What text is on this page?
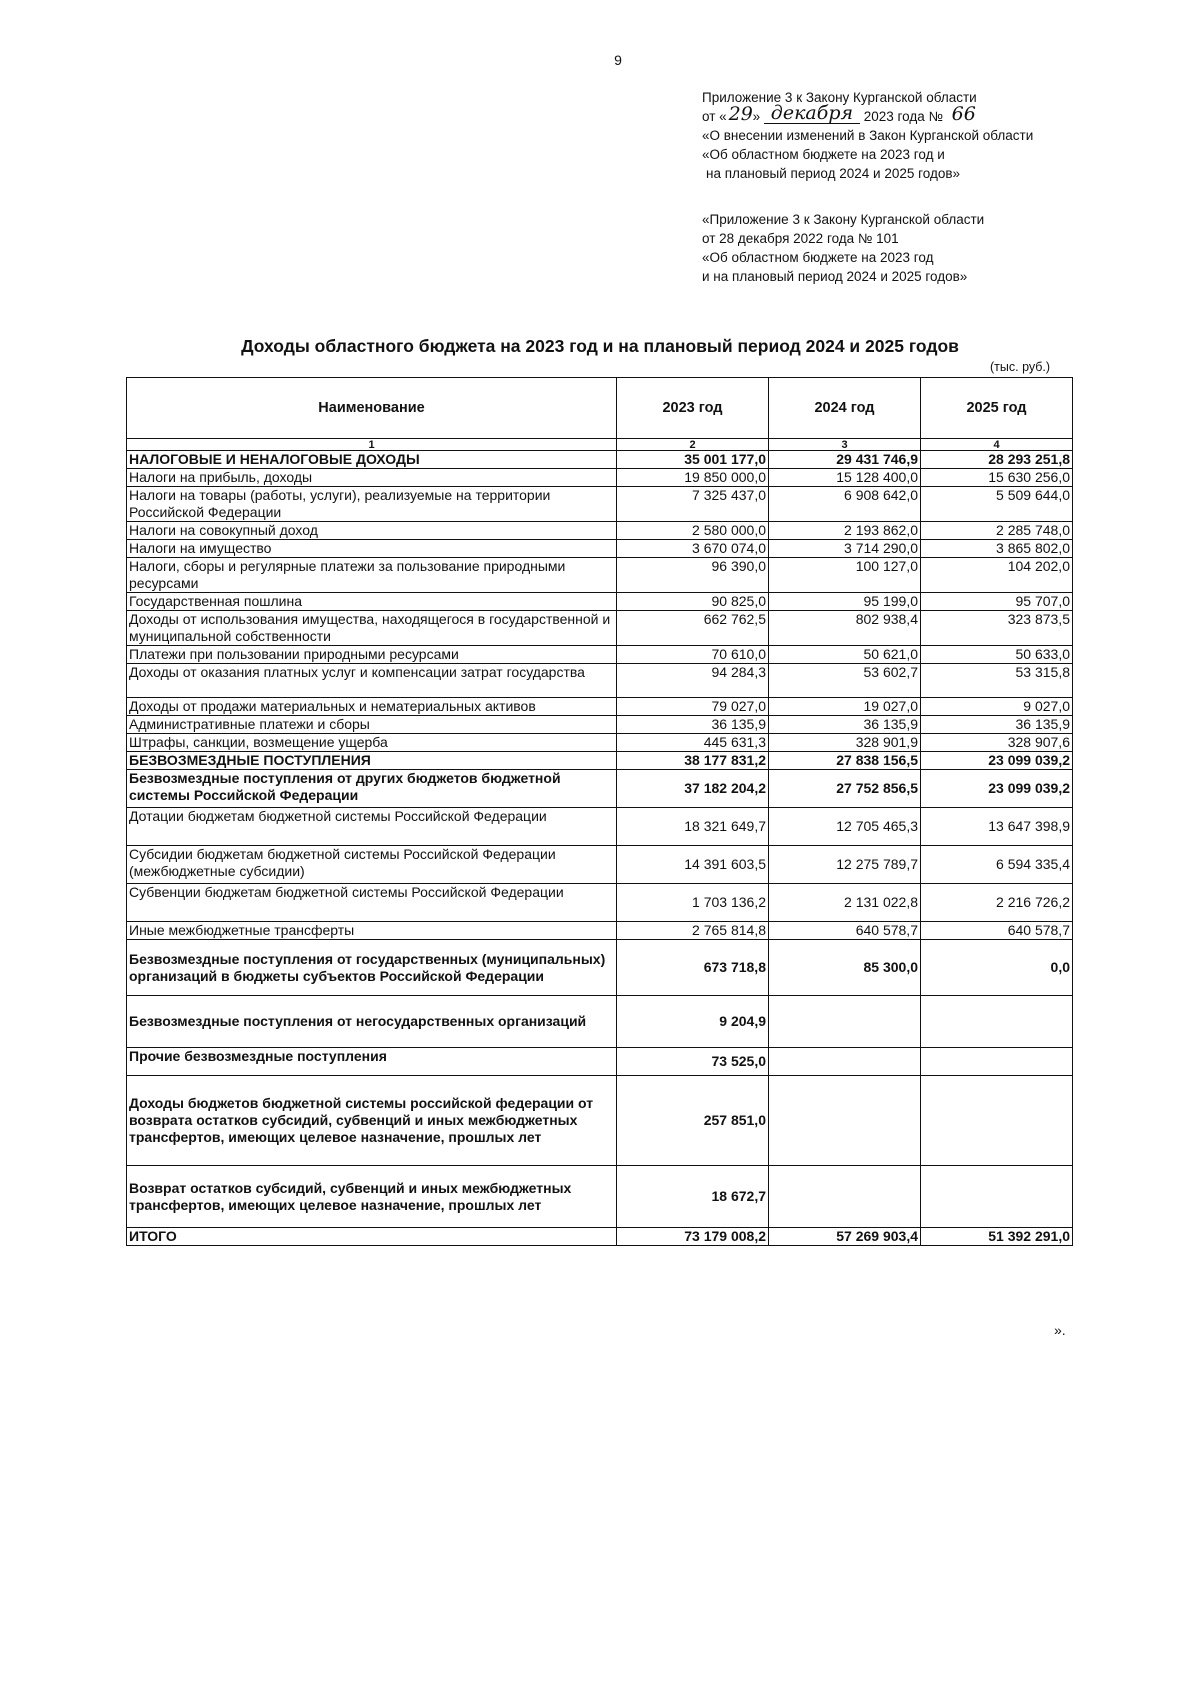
9
Приложение 3 к Закону Курганской области
от « 29» декабря 2023 года № 66
«О внесении изменений в Закон Курганской области
«Об областном бюджете на 2023 год и
на плановый период 2024 и 2025 годов»
«Приложение 3 к Закону Курганской области
от 28 декабря 2022 года № 101
«Об областном бюджете на 2023 год
и на плановый период 2024 и 2025 годов»
Доходы областного бюджета на 2023 год и на плановый период 2024 и 2025 годов
(тыс. руб.)
Наименование	2023 год	2024 год	2025 год
1	2	3	4
НАЛОГОВЫЕ И НЕНАЛОГОВЫЕ ДОХОДЫ	35 001 177,0	29 431 746,9	28 293 251,8
Налоги на прибыль, доходы	19 850 000,0	15 128 400,0	15 630 256,0
Налоги на товары (работы, услуги), реализуемые на территории Российской Федерации	7 325 437,0	6 908 642,0	5 509 644,0
Налоги на совокупный доход	2 580 000,0	2 193 862,0	2 285 748,0
Налоги на имущество	3 670 074,0	3 714 290,0	3 865 802,0
Налоги, сборы и регулярные платежи за пользование природными ресурсами	96 390,0	100 127,0	104 202,0
Государственная пошлина	90 825,0	95 199,0	95 707,0
Доходы от использования имущества, находящегося в государственной и муниципальной собственности	662 762,5	802 938,4	323 873,5
Платежи при пользовании природными ресурсами	70 610,0	50 621,0	50 633,0
Доходы от оказания платных услуг и компенсации затрат государства	94 284,3	53 602,7	53 315,8
Доходы от продажи материальных и нематериальных активов	79 027,0	19 027,0	9 027,0
Административные платежи и сборы	36 135,9	36 135,9	36 135,9
Штрафы, санкции, возмещение ущерба	445 631,3	328 901,9	328 907,6
БЕЗВОЗМЕЗДНЫЕ ПОСТУПЛЕНИЯ	38 177 831,2	27 838 156,5	23 099 039,2
Безвозмездные поступления от других бюджетов бюджетной системы Российской Федерации	37 182 204,2	27 752 856,5	23 099 039,2
Дотации бюджетам бюджетной системы Российской Федерации	18 321 649,7	12 705 465,3	13 647 398,9
Субсидии бюджетам бюджетной системы Российской Федерации (межбюджетные субсидии)	14 391 603,5	12 275 789,7	6 594 335,4
Субвенции бюджетам бюджетной системы Российской Федерации	1 703 136,2	2 131 022,8	2 216 726,2
Иные межбюджетные трансферты	2 765 814,8	640 578,7	640 578,7
Безвозмездные поступления от государственных (муниципальных) организаций в бюджеты субъектов Российской Федерации	673 718,8	85 300,0	0,0
Безвозмездные поступления от негосударственных организаций	9 204,9		
Прочие безвозмездные поступления	73 525,0		
Доходы бюджетов бюджетной системы российской федерации от возврата остатков субсидий, субвенций и иных межбюджетных трансфертов, имеющих целевое назначение, прошлых лет	257 851,0		
Возврат остатков субсидий, субвенций и иных межбюджетных трансфертов, имеющих целевое назначение, прошлых лет	18 672,7		
ИТОГО	73 179 008,2	57 269 903,4	51 392 291,0
».
